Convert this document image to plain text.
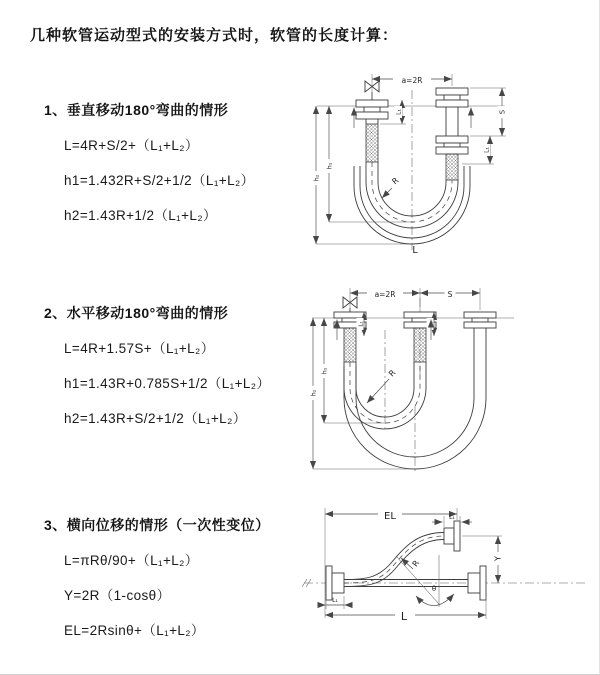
几种软管运动型式的安装方式时，软管的长度计算：
1、垂直移动180°弯曲的情形
L=4R+S/2+（L₁+L₂）
h1=1.432R+S/2+1/2（L₁+L₂）
h2=1.43R+1/2（L₁+L₂）
a=2R
h₁
h₂
S
L₁
L₁
R
L
2、水平移动180°弯曲的情形
L=4R+1.57S+（L₁+L₂）
h1=1.43R+0.785S+1/2（L₁+L₂）
h2=1.43R+S/2+1/2（L₁+L₂）
a=2R	S
h₁
h₂
L₁	L₁
R
3、横向位移的情形（一次性变位）
L=πRθ/90+（L₁+L₂）
Y=2R（1-cosθ）
EL=2Rsinθ+（L₁+L₂）
EL	L₁
Y
L
L₁
R
θ
